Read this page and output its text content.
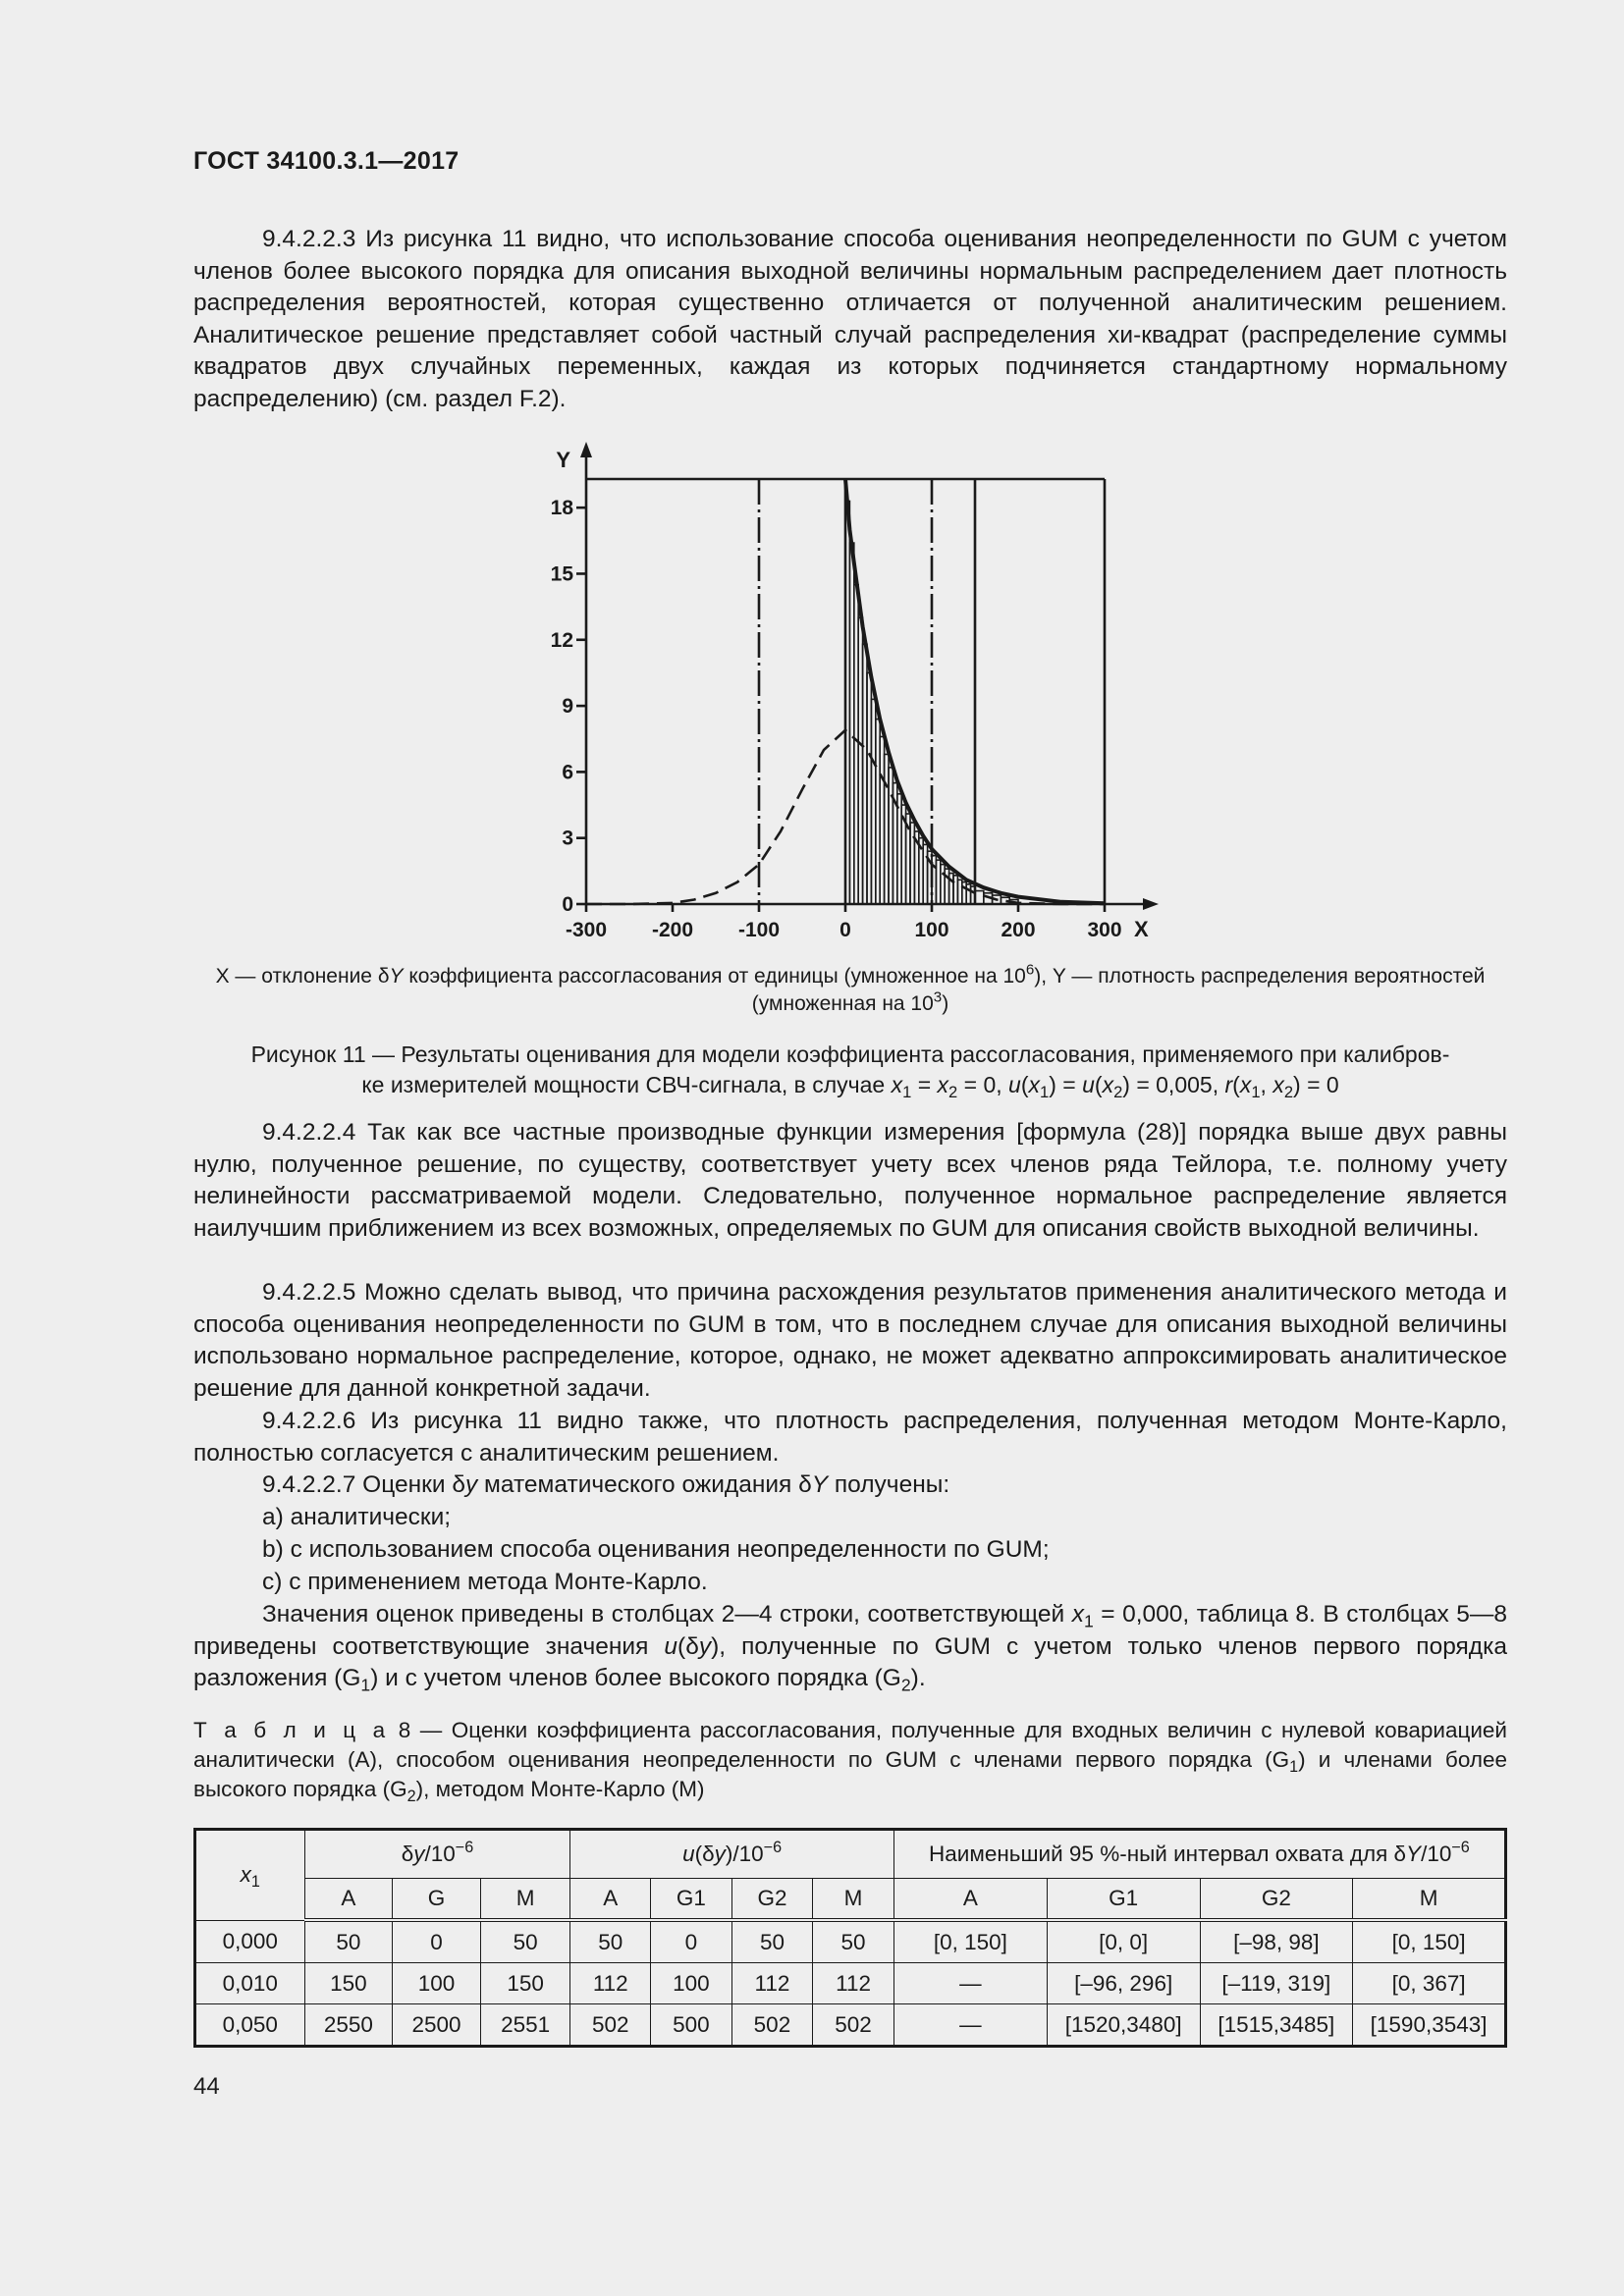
ГОСТ 34100.3.1—2017

9.4.2.2.3 Из рисунка 11 видно, что использование способа оценивания неопределенности по GUM с учетом членов более высокого порядка для описания выходной величины нормальным распределением дает плотность распределения вероятностей, которая существенно отличается от полученной аналитическим решением. Аналитическое решение представляет собой частный случай распределения хи-квадрат (распределение суммы квадратов двух случайных переменных, каждая из которых подчиняется стандартному нормальному распределению) (см. раздел F.2).

0
3
6
9
12
15
18
-300 -200 -100	0	100	200	300
Y
X
X — отклонение δY коэффициента рассогласования от единицы (умноженное на $10^6$), Y — плотность распределения вероятностей (умноженная на $10^3$)
Рисунок 11 — Результаты оценивания для модели коэффициента рассогласования, применяемого при калибров-
ке измерителей мощности СВЧ-сигнала, в случае $x_1 = x_2 = 0$, $u(x_1) = u(x_2) = 0,005$, $r(x_1$, $x_2) = 0$

9.4.2.2.4 Так как все частные производные функции измерения [формула (28)] порядка выше двух равны нулю, полученное решение, по существу, соответствует учету всех членов ряда Тейлора, т.е. полному учету нелинейности рассматриваемой модели. Следовательно, полученное нормальное распределение является наилучшим приближением из всех возможных, определяемых по GUM для описания свойств выходной величины.

9.4.2.2.5 Можно сделать вывод, что причина расхождения результатов применения аналитического метода и способа оценивания неопределенности по GUM в том, что в последнем случае для описания выходной величины использовано нормальное распределение, которое, однако, не может адекватно аппроксимировать аналитическое решение для данной конкретной задачи.

9.4.2.2.6 Из рисунка 11 видно также, что плотность распределения, полученная методом Монте-Карло, полностью согласуется с аналитическим решением.

9.4.2.2.7 Оценки δy математического ожидания δY получены:

а) аналитически;

b) с использованием способа оценивания неопределенности по GUM;

с) с применением метода Монте-Карло.

Значения оценок приведены в столбцах 2—4 строки, соответствующей $x_1 = 0,000$, таблица 8. В столбцах 5—8 приведены соответствующие значения u(δy), полученные по GUM с учетом только членов первого порядка разложения $(G_1)$ и с учетом членов более высокого порядка $(G_2)$.

Т а б л и ц а 8 — Оценки коэффициента рассогласования, полученные для входных величин с нулевой ковариацией аналитически (A), способом оценивания неопределенности по GUM с членами первого порядка $(G_1)$ и членами более высокого порядка $(G_2)$, методом Монте-Карло (M)
$x_1$	$\delta y/10^{-6}$			$u(\delta y)/10^{-6}$				Наименьший 95 %-ный интервал охвата для $\delta Y/10^{-6}$
	A	G	M	A	G1	G2	M	A	G1	G2	M
0,000	50	0	50	50	0	50	50	[0, 150]	[0, 0]	[–98, 98]	[0, 150]
0,010	150	100	150	112	100	112	112	—	[–96, 296]	[–119, 319]	[0, 367]
0,050	2550	2500	2551	502	500	502	502	—	[1520,3480]	[1515,3485]	[1590,3543]
44
